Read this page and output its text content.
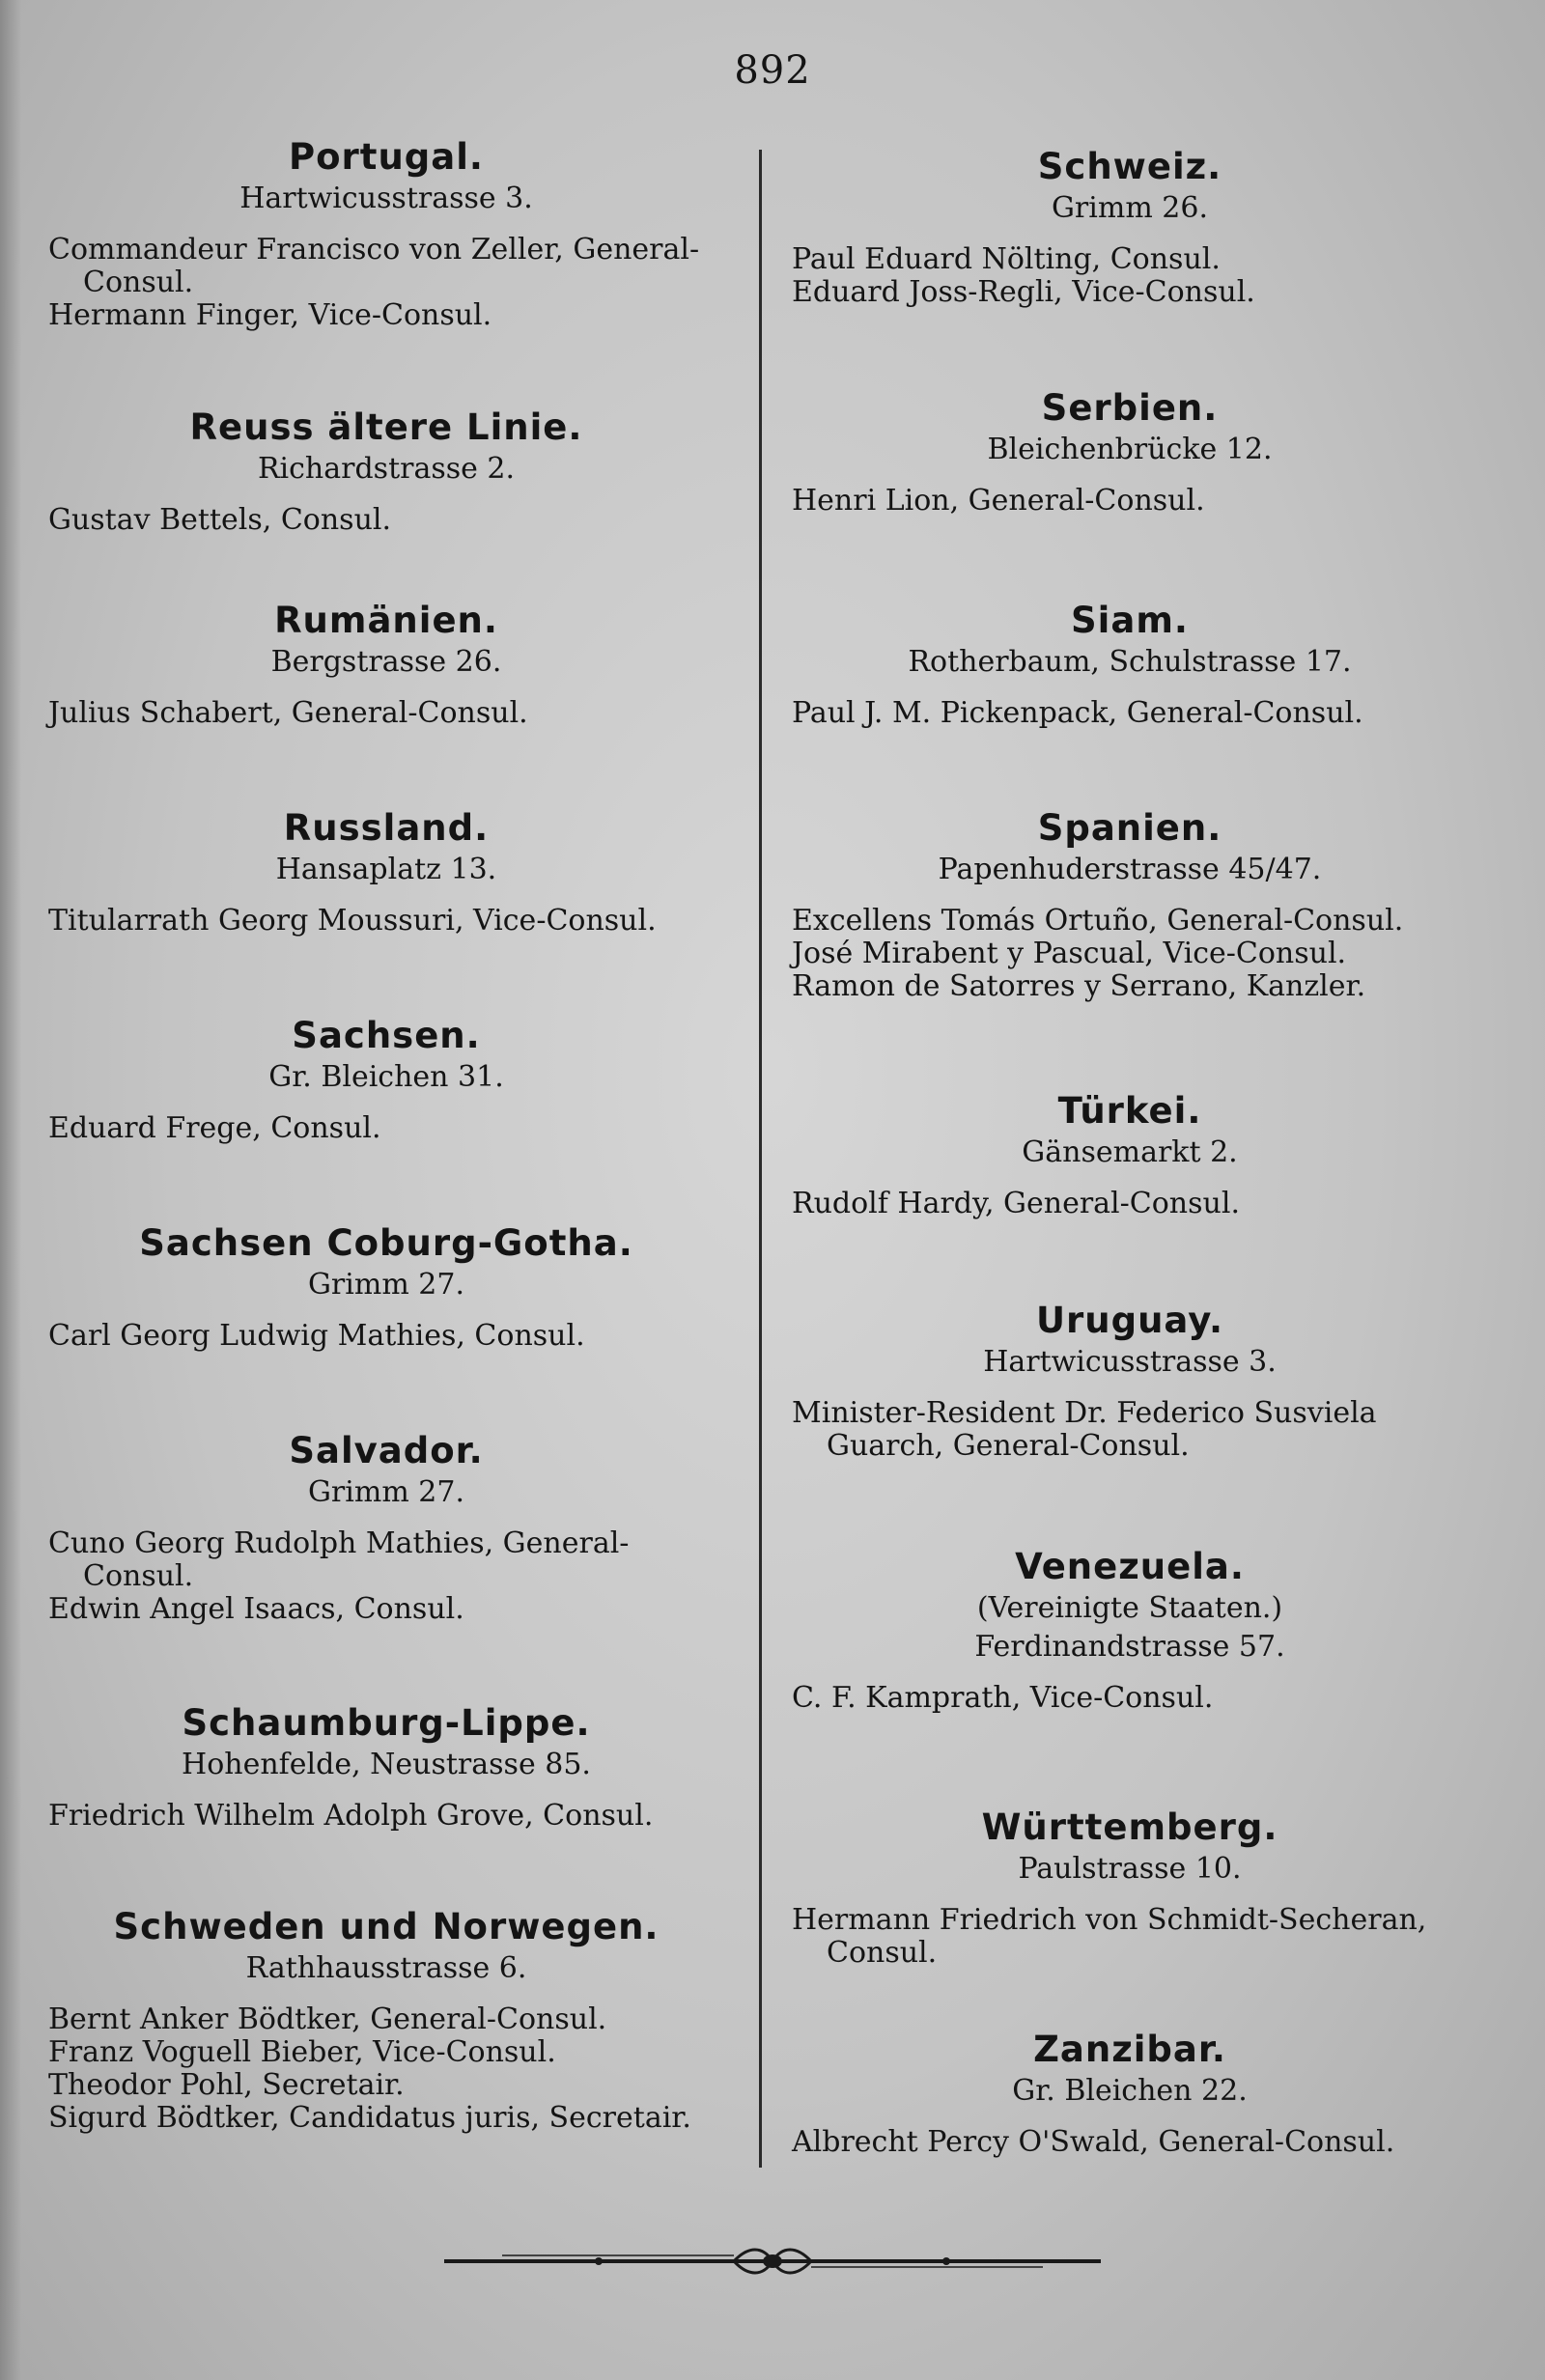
892
Portugal.
Hartwicusstrasse 3.
Commandeur Francisco von Zeller, General-
Consul.
Hermann Finger, Vice-Consul.
Reuss ältere Linie.
Richardstrasse 2.
Gustav Bettels, Consul.
Rumänien.
Bergstrasse 26.
Julius Schabert, General-Consul.
Russland.
Hansaplatz 13.
Titularrath Georg Moussuri, Vice-Consul.
Sachsen.
Gr. Bleichen 31.
Eduard Frege, Consul.
Sachsen Coburg-Gotha.
Grimm 27.
Carl Georg Ludwig Mathies, Consul.
Salvador.
Grimm 27.
Cuno Georg Rudolph Mathies, General-
Consul.
Edwin Angel Isaacs, Consul.
Schaumburg-Lippe.
Hohenfelde, Neustrasse 85.
Friedrich Wilhelm Adolph Grove, Consul.
Schweden und Norwegen.
Rathhausstrasse 6.
Bernt Anker Bödtker, General-Consul.
Franz Voguell Bieber, Vice-Consul.
Theodor Pohl, Secretair.
Sigurd Bödtker, Candidatus juris, Secretair.
Schweiz.
Grimm 26.
Paul Eduard Nölting, Consul.
Eduard Joss-Regli, Vice-Consul.
Serbien.
Bleichenbrücke 12.
Henri Lion, General-Consul.
Siam.
Rotherbaum, Schulstrasse 17.
Paul J. M. Pickenpack, General-Consul.
Spanien.
Papenhuderstrasse 45/47.
Excellens Tomás Ortuño, General-Consul.
José Mirabent y Pascual, Vice-Consul.
Ramon de Satorres y Serrano, Kanzler.
Türkei.
Gänsemarkt 2.
Rudolf Hardy, General-Consul.
Uruguay.
Hartwicusstrasse 3.
Minister-Resident Dr. Federico Susviela
Guarch, General-Consul.
Venezuela.
(Vereinigte Staaten.)
Ferdinandstrasse 57.
C. F. Kamprath, Vice-Consul.
Württemberg.
Paulstrasse 10.
Hermann Friedrich von Schmidt-Secheran,
Consul.
Zanzibar.
Gr. Bleichen 22.
Albrecht Percy O'Swald, General-Consul.
